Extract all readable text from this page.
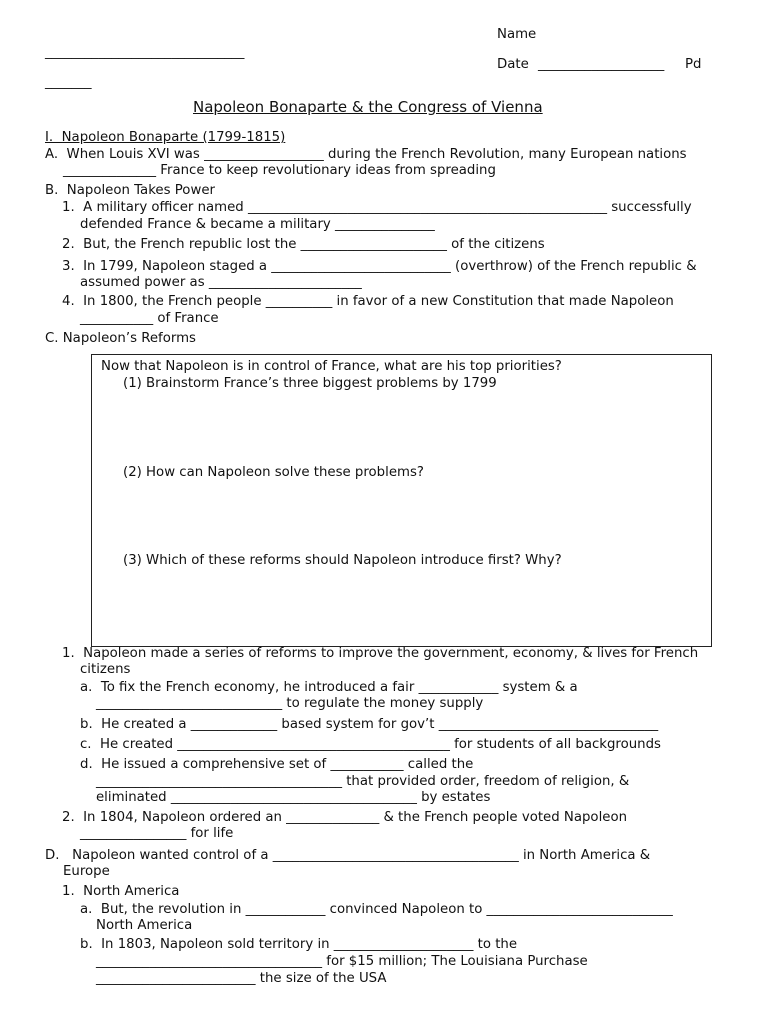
Name
______________________________
Date ___________________ Pd
_______
Napoleon Bonaparte & the Congress of Vienna
I.  Napoleon Bonaparte (1799-1815)
A.  When Louis XVI was __________________ during the French Revolution, many European nations
______________ France to keep revolutionary ideas from spreading
B.  Napoleon Takes Power
1.  A military officer named ______________________________________________________ successfully
defended France & became a military _______________
2.  But, the French republic lost the ______________________ of the citizens
3.  In 1799, Napoleon staged a ___________________________ (overthrow) of the French republic &
assumed power as _______________________
4.  In 1800, the French people __________ in favor of a new Constitution that made Napoleon
___________ of France
C. Napoleon’s Reforms
Now that Napoleon is in control of France, what are his top priorities?
(1) Brainstorm France’s three biggest problems by 1799
(2) How can Napoleon solve these problems?
(3) Which of these reforms should Napoleon introduce first? Why?
1.  Napoleon made a series of reforms to improve the government, economy, & lives for French
citizens
a.  To fix the French economy, he introduced a fair ____________ system & a
____________________________ to regulate the money supply
b.  He created a _____________ based system for gov’t _________________________________
c.  He created _________________________________________ for students of all backgrounds
d.  He issued a comprehensive set of ___________ called the
_____________________________________ that provided order, freedom of religion, &
eliminated _____________________________________ by estates
2.  In 1804, Napoleon ordered an ______________ & the French people voted Napoleon
________________ for life
D.   Napoleon wanted control of a _____________________________________ in North America &
Europe
1.  North America
a.  But, the revolution in ____________ convinced Napoleon to ____________________________
North America
b.  In 1803, Napoleon sold territory in _____________________ to the
__________________________________ for $15 million; The Louisiana Purchase
________________________ the size of the USA
